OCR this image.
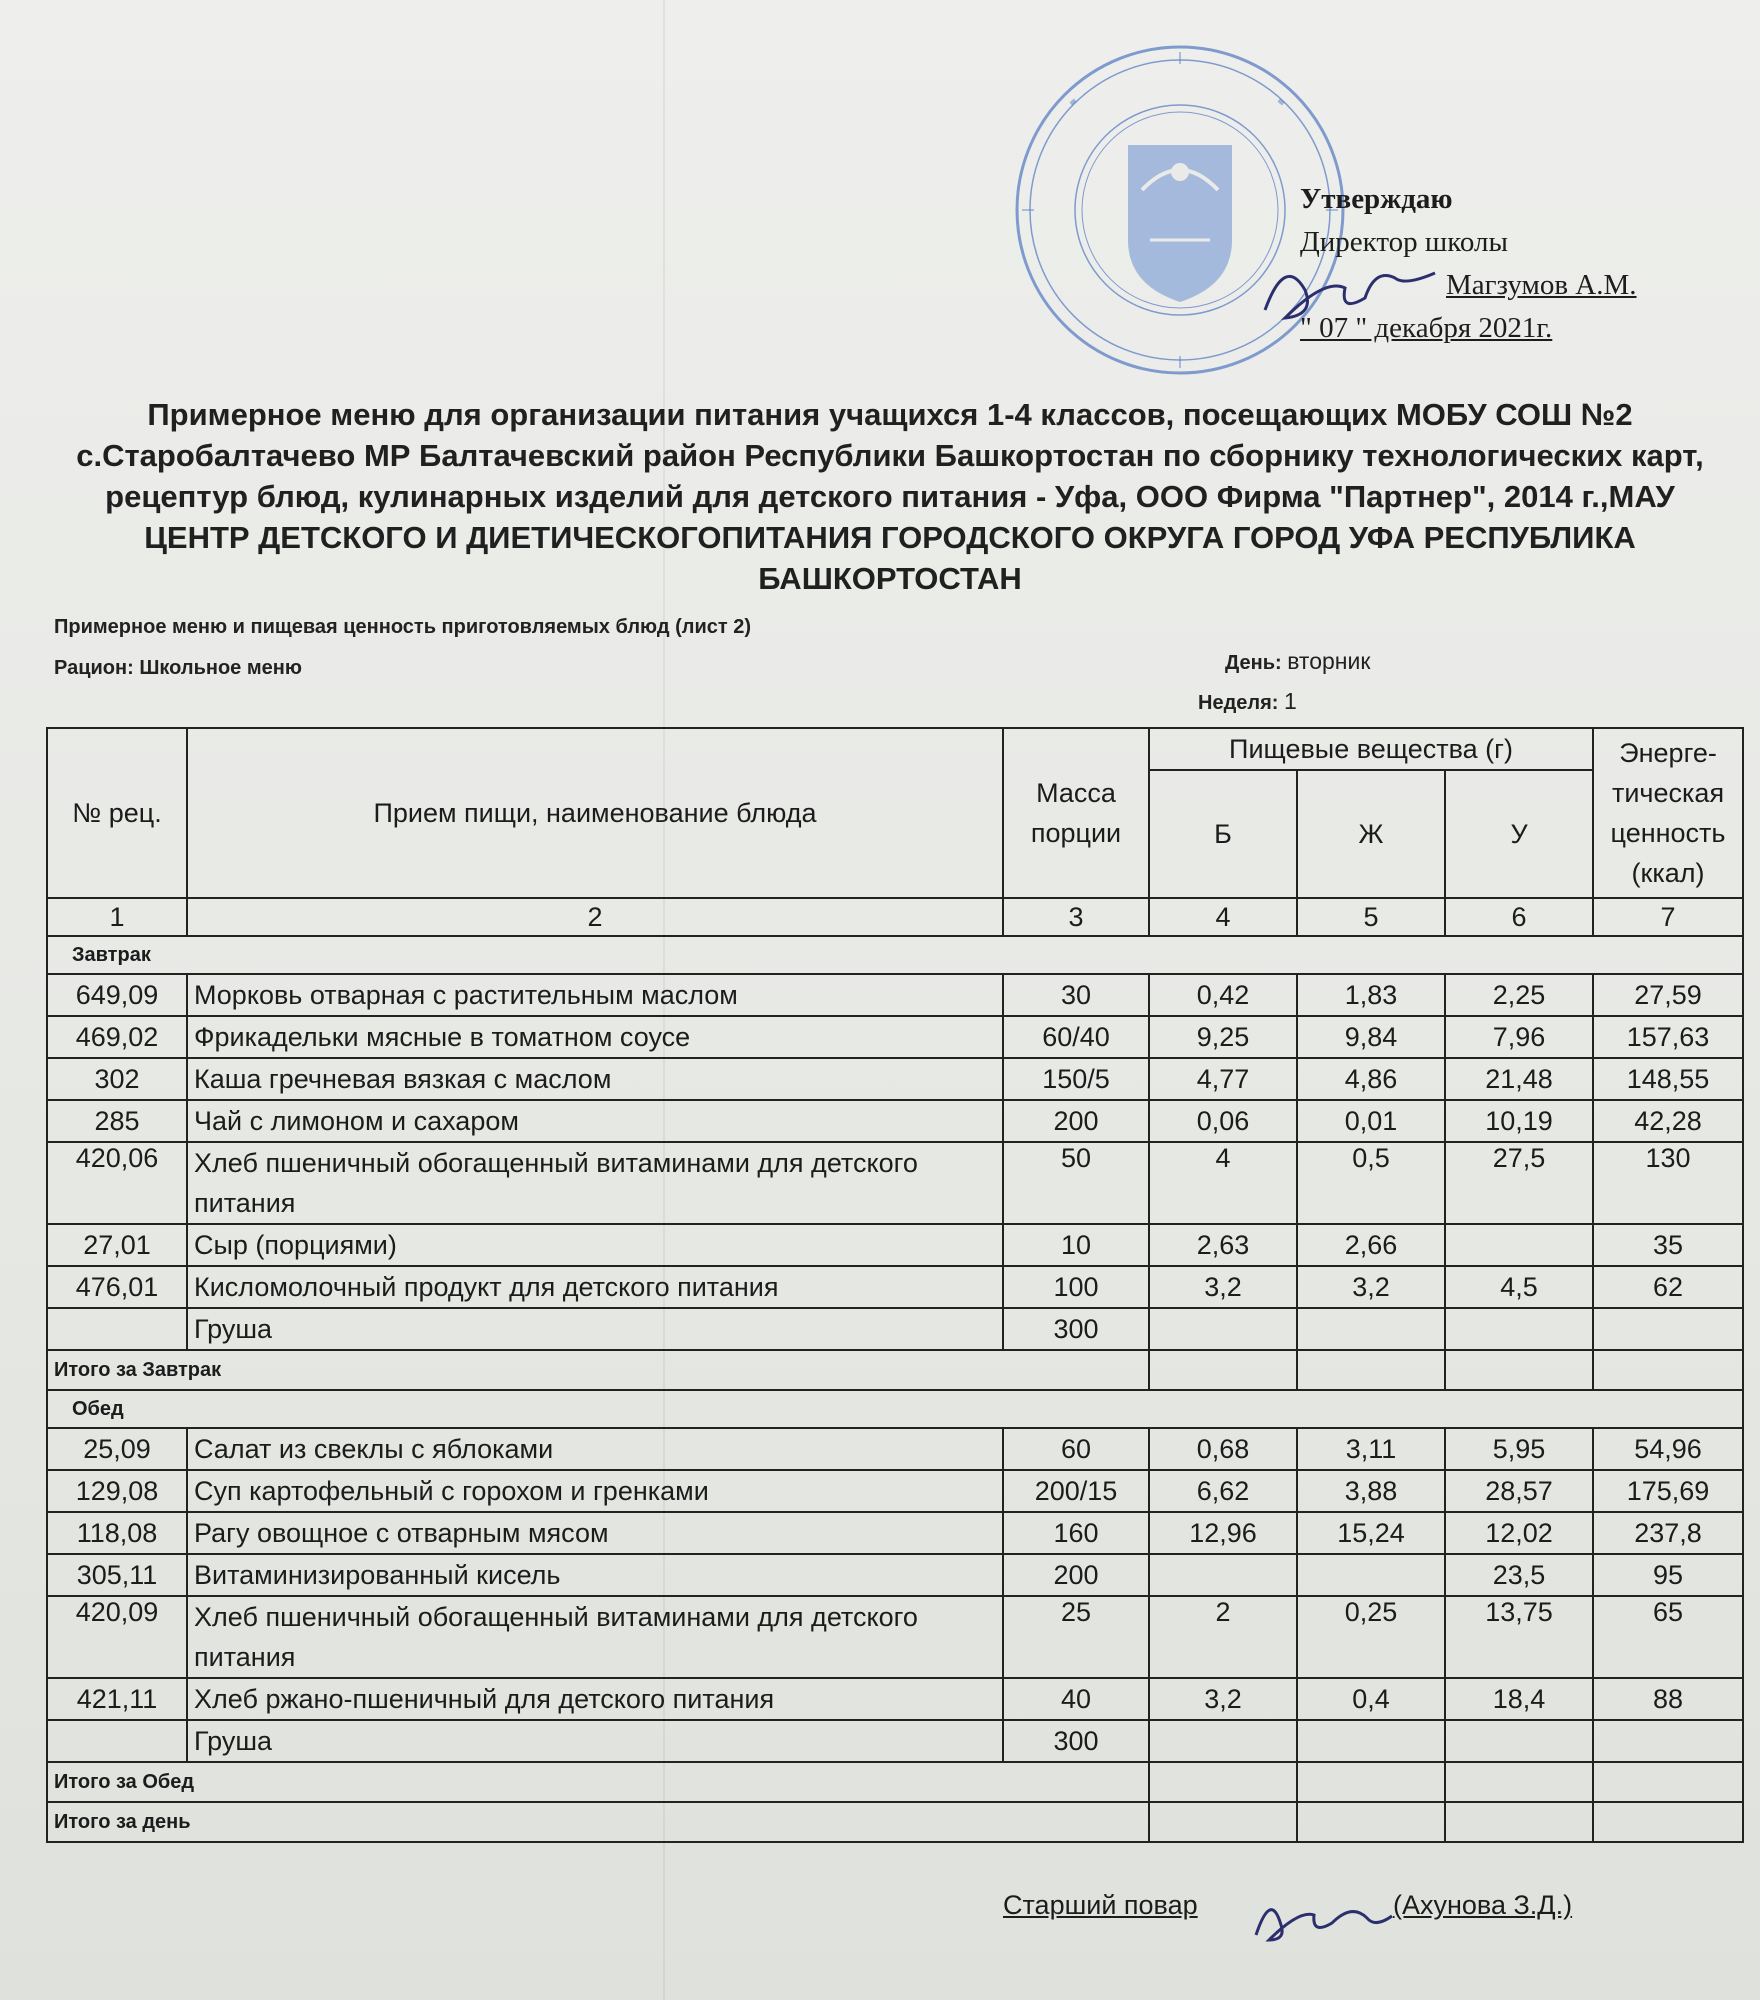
Утверждаю
Директор школы
Магзумов А.М.
" 07 " декабря 2021г.
Примерное меню для организации питания учащихся 1-4 классов, посещающих МОБУ СОШ №2 с.Старобалтачево МР Балтачевский район Республики Башкортостан по сборнику технологических карт, рецептур блюд, кулинарных изделий для детского питания - Уфа, ООО Фирма "Партнер", 2014 г.,МАУ ЦЕНТР ДЕТСКОГО И ДИЕТИЧЕСКОГОПИТАНИЯ ГОРОДСКОГО ОКРУГА ГОРОД УФА РЕСПУБЛИКА БАШКОРТОСТАН
Примерное меню и пищевая ценность приготовляемых блюд (лист 2)
Рацион: Школьное меню	День: вторник
Неделя: 1
№ рец.	Прием пищи, наименование блюда	Масса порции	Пищевые вещества (г)			Энерге-тическая ценность (ккал)
			Б	Ж	У	
1	2	3	4	5	6	7
Завтрак						
649,09	Морковь отварная с растительным маслом	30	0,42	1,83	2,25	27,59
469,02	Фрикадельки мясные в томатном соусе	60/40	9,25	9,84	7,96	157,63
302	Каша гречневая вязкая с маслом	150/5	4,77	4,86	21,48	148,55
285	Чай с лимоном и сахаром	200	0,06	0,01	10,19	42,28
420,06	Хлеб пшеничный обогащенный витаминами для детского питания	50	4	0,5	27,5	130
27,01	Сыр (порциями)	10	2,63	2,66		35
476,01	Кисломолочный продукт для детского питания	100	3,2	3,2	4,5	62
	Груша	300				
Итого за Завтрак						
Обед						
25,09	Салат из свеклы с яблоками	60	0,68	3,11	5,95	54,96
129,08	Суп картофельный с горохом и гренками	200/15	6,62	3,88	28,57	175,69
118,08	Рагу овощное с отварным мясом	160	12,96	15,24	12,02	237,8
305,11	Витаминизированный кисель	200			23,5	95
420,09	Хлеб пшеничный обогащенный витаминами для детского питания	25	2	0,25	13,75	65
421,11	Хлеб ржано-пшеничный для детского питания	40	3,2	0,4	18,4	88
	Груша	300				
Итого за Обед						
Итого за день						
Старший повар	(Ахунова З.Д.)
